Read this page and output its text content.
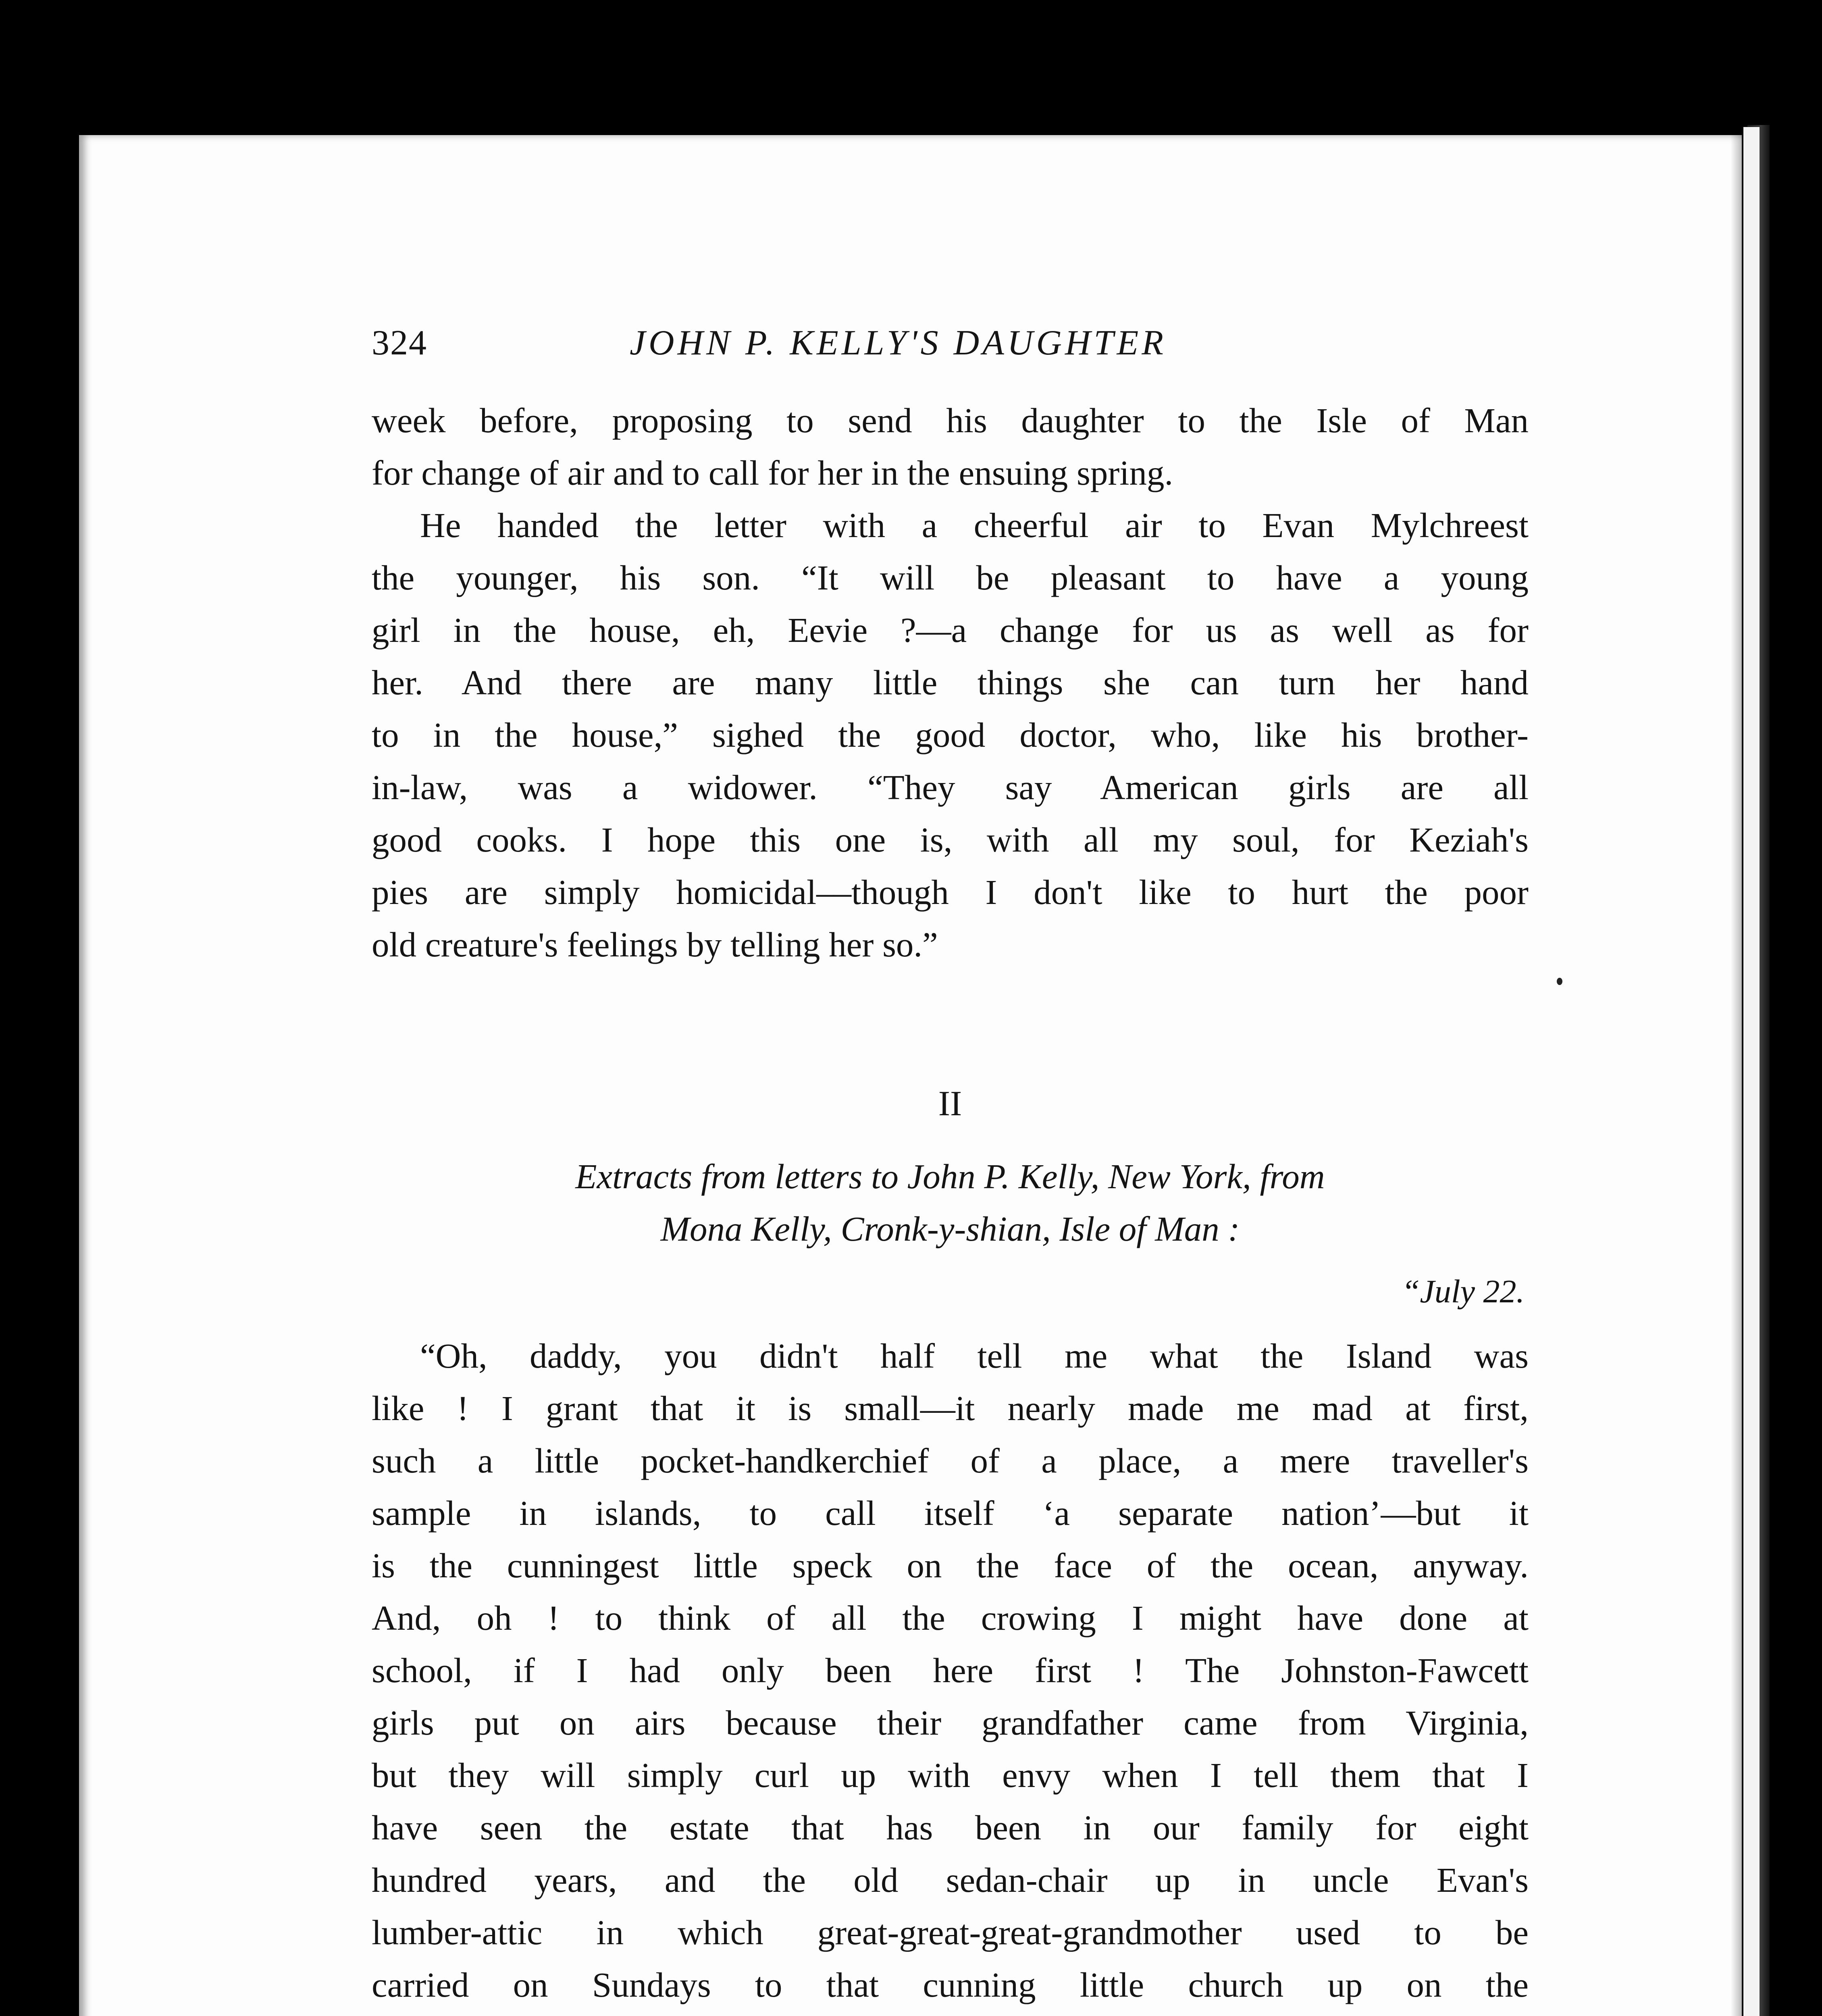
324	JOHN P. KELLY'S DAUGHTER
week before, proposing to send his daughter to the Isle of Man
for change of air and to call for her in the ensuing spring.
He handed the letter with a cheerful air to Evan Mylchreest
the younger, his son. “It will be pleasant to have a young
girl in the house, eh, Eevie ?—a change for us as well as for
her. And there are many little things she can turn her hand
to in the house,” sighed the good doctor, who, like his brother-
in-law, was a widower. “They say American girls are all
good cooks. I hope this one is, with all my soul, for Keziah's
pies are simply homicidal––though I don't like to hurt the poor
old creature's feelings by telling her so.”
II
Extracts from letters to John P. Kelly, New York, from
Mona Kelly, Cronk-y-shian, Isle of Man :
“July 22.
“Oh, daddy, you didn't half tell me what the Island was
like ! I grant that it is small—it nearly made me mad at first,
such a little pocket-handkerchief of a place, a mere traveller's
sample in islands, to call itself ‘a separate nation’—but it
is the cunningest little speck on the face of the ocean, anyway.
And, oh ! to think of all the crowing I might have done at
school, if I had only been here first ! The Johnston-Fawcett
girls put on airs because their grandfather came from Virginia,
but they will simply curl up with envy when I tell them that I
have seen the estate that has been in our family for eight
hundred years, and the old sedan-chair up in uncle Evan's
lumber-attic in which great-great-great-grandmother used to be
carried on Sundays to that cunning little church up on the
